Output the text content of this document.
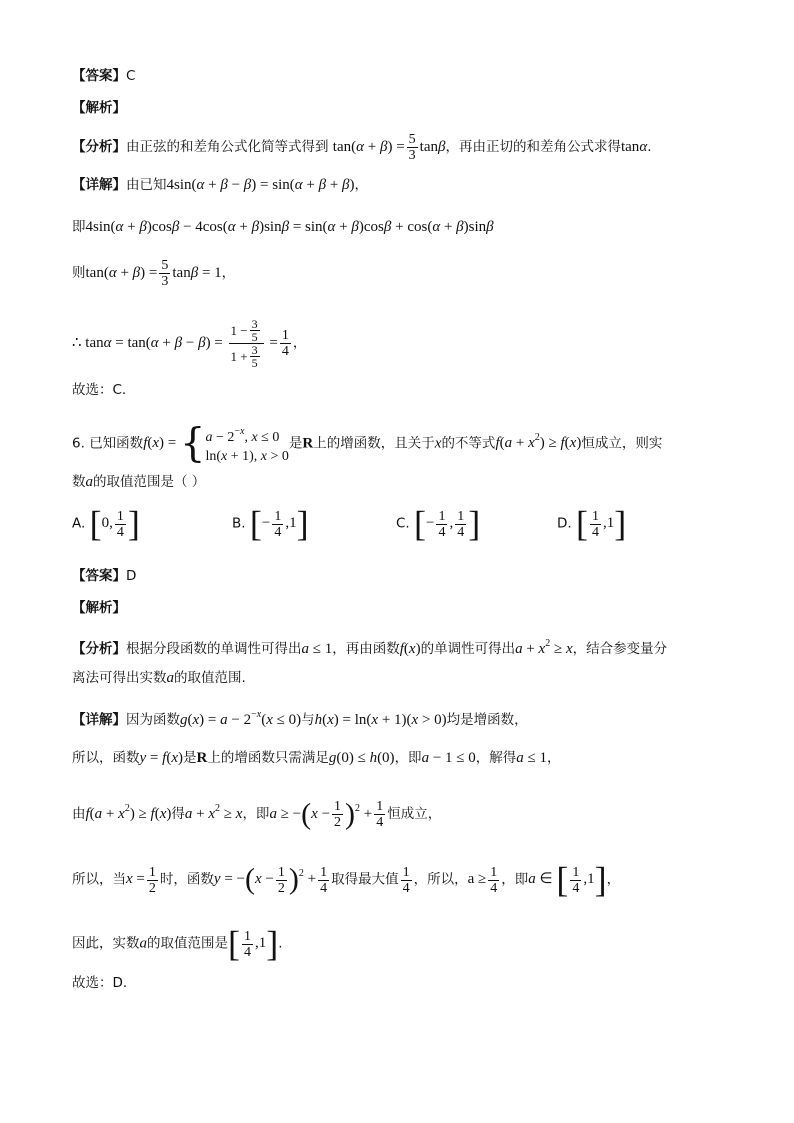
【答案】C
【解析】
【分析】由正弦的和差角公式化简等式得到 $\tan(\alpha + \beta) = \frac{5}{3}$ tanβ，再由正切的和差角公式求得tanα.
【详解】由已知4sin(α + β − β) = sin(α + β + β)，
即4sin(α + β)cosβ − 4cos(α + β)sinβ = sin(α + β)cosβ + cos(α + β)sinβ
则$\tan(\alpha + \beta) = \frac{5}{3}$ tanβ = 1，
∴ $\tan\alpha = \tan(\alpha + \beta - \beta) = \frac{1 - \frac{3}{5}}{1 + \frac{3}{5}} = \frac{1}{4}$ ，
故选：C.
6. 已知函数f(x) = { $a - 2^{-x}$, x ≤ 0
ln(x + 1), x > 0
是R上的增函数，且关于x的不等式$f(a + x^2) \ge f(x)$恒成立，则实
数a的取值范围是（ ）
A. [0, $\frac{1}{4}$ ]	B. [− $\frac{1}{4} ,1$]	C. [− $\frac{1}{4}$ , $\frac{1}{4}$ ]	D. [ $\frac{1}{4} ,1$]
【答案】D
【解析】
【分析】根据分段函数的单调性可得出a ≤ 1，再由函数f(x)的单调性可得出$a + x^2 \ge x$，结合参变量分
离法可得出实数a的取值范围.
【详解】因为函数$g(x) = a - 2^{-x}(x \le 0)$与h(x) = ln(x + 1)(x > 0)均是增函数，
所以，函数y = f(x)是R上的增函数只需满足g(0) ≤ h(0)，即a − 1 ≤ 0，解得a ≤ 1，
由$f(a + x^2) \ge f(x)$得$a + x^2 \ge x$，即$a \ge -(x - \frac{1}{2} )^2 + \frac{1}{4}$ 恒成立，
所以，当$x = \frac{1}{2}$ 时，函数$y = -(x - \frac{1}{2} )^2 + \frac{1}{4}$ 取得最大值 $\frac{1}{4}$ ，所以，$a \ge \frac{1}{4}$ ，即a ∈ [ $\frac{1}{4} ,1$]，
因此，实数a的取值范围是[ $\frac{1}{4} ,1$].
故选：D.
